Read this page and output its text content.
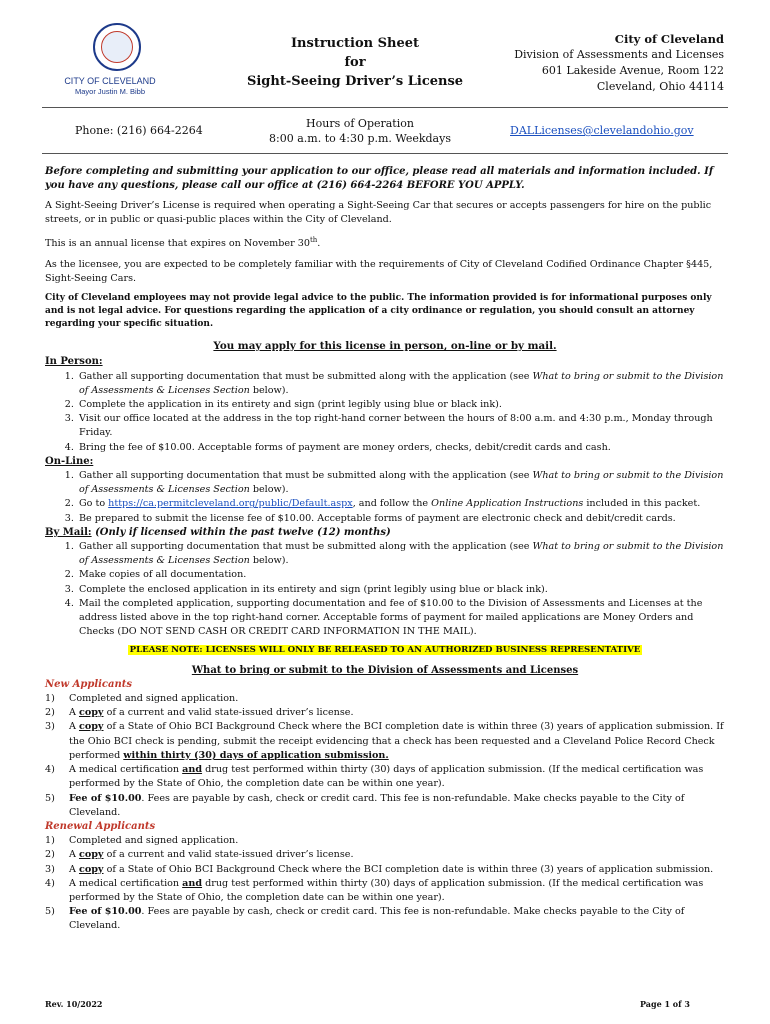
CITY OF CLEVELAND
Mayor Justin M. Bibb
Instruction Sheet
for
Sight-Seeing Driver’s License
City of Cleveland
Division of Assessments and Licenses
601 Lakeside Avenue, Room 122
Cleveland, Ohio 44114
Phone: (216) 664-2264
Hours of Operation
8:00 a.m. to 4:30 p.m. Weekdays
DALLicenses@clevelandohio.gov

Before completing and submitting your application to our office, please read all materials and information included. If you have any questions, please call our office at (216) 664-2264 BEFORE YOU APPLY.

A Sight-Seeing Driver’s License is required when operating a Sight-Seeing Car that secures or accepts passengers for hire on the public streets, or in public or quasi-public places within the City of Cleveland.

This is an annual license that expires on November 30th.

As the licensee, you are expected to be completely familiar with the requirements of City of Cleveland Codified Ordinance Chapter §445, Sight-Seeing Cars.

City of Cleveland employees may not provide legal advice to the public. The information provided is for informational purposes only and is not legal advice. For questions regarding the application of a city ordinance or regulation, you should consult an attorney regarding your specific situation.

You may apply for this license in person, on-line or by mail.

In Person:
1. Gather all supporting documentation that must be submitted along with the application (see What to bring or submit to the Division of Assessments & Licenses Section below).
2. Complete the application in its entirety and sign (print legibly using blue or black ink).
3. Visit our office located at the address in the top right-hand corner between the hours of 8:00 a.m. and 4:30 p.m., Monday through Friday.
4. Bring the fee of $10.00. Acceptable forms of payment are money orders, checks, debit/credit cards and cash.
On-Line:
1. Gather all supporting documentation that must be submitted along with the application (see What to bring or submit to the Division of Assessments & Licenses Section below).
2. Go to https://ca.permitcleveland.org/public/Default.aspx, and follow the Online Application Instructions included in this packet.
3. Be prepared to submit the license fee of $10.00. Acceptable forms of payment are electronic check and debit/credit cards.
By Mail: (Only if licensed within the past twelve (12) months)
1. Gather all supporting documentation that must be submitted along with the application (see What to bring or submit to the Division of Assessments & Licenses Section below).
2. Make copies of all documentation.
3. Complete the enclosed application in its entirety and sign (print legibly using blue or black ink).
4. Mail the completed application, supporting documentation and fee of $10.00 to the Division of Assessments and Licenses at the address listed above in the top right-hand corner. Acceptable forms of payment for mailed applications are Money Orders and Checks (DO NOT SEND CASH OR CREDIT CARD INFORMATION IN THE MAIL).
PLEASE NOTE: LICENSES WILL ONLY BE RELEASED TO AN AUTHORIZED BUSINESS REPRESENTATIVE
What to bring or submit to the Division of Assessments and Licenses
New Applicants
1) Completed and signed application.
2) A copy of a current and valid state-issued driver’s license.
3) A copy of a State of Ohio BCI Background Check where the BCI completion date is within three (3) years of application submission. If the Ohio BCI check is pending, submit the receipt evidencing that a check has been requested and a Cleveland Police Record Check performed within thirty (30) days of application submission.
4) A medical certification and drug test performed within thirty (30) days of application submission. (If the medical certification was performed by the State of Ohio, the completion date can be within one year).
5) Fee of $10.00. Fees are payable by cash, check or credit card. This fee is non-refundable. Make checks payable to the City of Cleveland.
Renewal Applicants
1) Completed and signed application.
2) A copy of a current and valid state-issued driver’s license.
3) A copy of a State of Ohio BCI Background Check where the BCI completion date is within three (3) years of application submission.
4) A medical certification and drug test performed within thirty (30) days of application submission. (If the medical certification was performed by the State of Ohio, the completion date can be within one year).
5) Fee of $10.00. Fees are payable by cash, check or credit card. This fee is non-refundable. Make checks payable to the City of Cleveland.
Rev. 10/2022	Page 1 of 3
